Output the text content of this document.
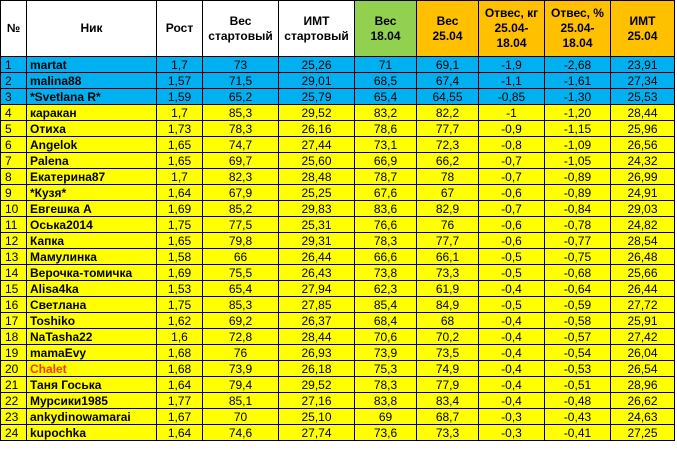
№	Ник	Рост	Вес стартовый	ИМТ стартовый	Вес 18.04	Вес 25.04	Отвес, кг 25.04-18.04	Отвес, % 25.04-18.04	ИМТ 25.04
1	martat	1,7	73	25,26	71	69,1	-1,9	-2,68	23,91
2	malina88	1,57	71,5	29,01	68,5	67,4	-1,1	-1,61	27,34
3	*Svetlana R*	1,59	65,2	25,79	65,4	64,55	-0,85	-1,30	25,53
4	каракан	1,7	85,3	29,52	83,2	82,2	-1	-1,20	28,44
5	Отиха	1,73	78,3	26,16	78,6	77,7	-0,9	-1,15	25,96
6	Angelok	1,65	74,7	27,44	73,1	72,3	-0,8	-1,09	26,56
7	Palena	1,65	69,7	25,60	66,9	66,2	-0,7	-1,05	24,32
8	Екатерина87	1,7	82,3	28,48	78,7	78	-0,7	-0,89	26,99
9	*Кузя*	1,64	67,9	25,25	67,6	67	-0,6	-0,89	24,91
10	Евгешка А	1,69	85,2	29,83	83,6	82,9	-0,7	-0,84	29,03
11	Оська2014	1,75	77,5	25,31	76,6	76	-0,6	-0,78	24,82
12	Капка	1,65	79,8	29,31	78,3	77,7	-0,6	-0,77	28,54
13	Мамулинка	1,58	66	26,44	66,6	66,1	-0,5	-0,75	26,48
14	Верочка-томичка	1,69	75,5	26,43	73,8	73,3	-0,5	-0,68	25,66
15	Alisa4ka	1,53	65,4	27,94	62,3	61,9	-0,4	-0,64	26,44
16	Cветлана	1,75	85,3	27,85	85,4	84,9	-0,5	-0,59	27,72
17	Toshiko	1,62	69,2	26,37	68,4	68	-0,4	-0,58	25,91
18	NaTasha22	1,6	72,8	28,44	70,6	70,2	-0,4	-0,57	27,42
19	mamaEvy	1,68	76	26,93	73,9	73,5	-0,4	-0,54	26,04
20	Chalet	1,68	73,9	26,18	75,3	74,9	-0,4	-0,53	26,54
21	Таня Госька	1,64	79,4	29,52	78,3	77,9	-0,4	-0,51	28,96
22	Мурсики1985	1,77	85,1	27,16	83,8	83,4	-0,4	-0,48	26,62
23	ankydinowamarai	1,67	70	25,10	69	68,7	-0,3	-0,43	24,63
24	kupochka	1,64	74,6	27,74	73,6	73,3	-0,3	-0,41	27,25
